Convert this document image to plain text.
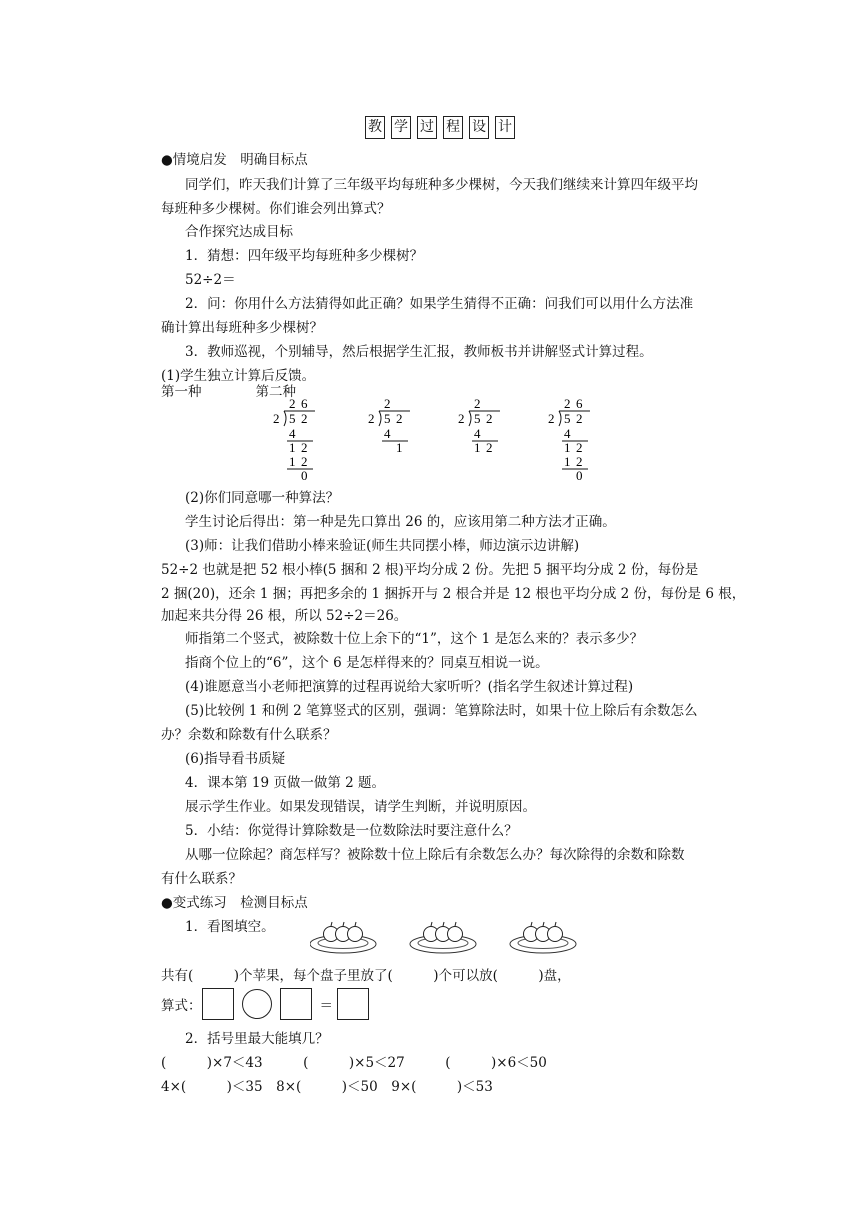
教 学 过 程 设 计
●情境启发　明确目标点
同学们，昨天我们计算了三年级平均每班种多少棵树，今天我们继续来计算四年级平均
每班种多少棵树。你们谁会列出算式？
合作探究达成目标
1．猜想：四年级平均每班种多少棵树？
52÷2＝
2．问：你用什么方法猜得如此正确？如果学生猜得不正确：问我们可以用什么方法准
确计算出每班种多少棵树？
3．教师巡视，个别辅导，然后根据学生汇报，教师板书并讲解竖式计算过程。
(1)学生独立计算后反馈。
第一种　　　　第二种
2 6
2 5 2
4
1 2
1 2
0
2
2 5 2
4
1
2
2 5 2
4
1 2
2 6
2 5 2
4
1 2
1 2
0
(2)你们同意哪一种算法？
学生讨论后得出：第一种是先口算出 26 的，应该用第二种方法才正确。
(3)师：让我们借助小棒来验证(师生共同摆小棒，师边演示边讲解)
52÷2 也就是把 52 根小棒(5 捆和 2 根)平均分成 2 份。先把 5 捆平均分成 2 份，每份是
2 捆(20)，还余 1 捆；再把多余的 1 捆拆开与 2 根合并是 12 根也平均分成 2 份，每份是 6 根，
加起来共分得 26 根，所以 52÷2＝26。
师指第二个竖式，被除数十位上余下的“1”，这个 1 是怎么来的？表示多少？
指商个位上的“6”，这个 6 是怎样得来的？同桌互相说一说。
(4)谁愿意当小老师把演算的过程再说给大家听听？(指名学生叙述计算过程)
(5)比较例 1 和例 2 笔算竖式的区别，强调：笔算除法时，如果十位上除后有余数怎么
办？余数和除数有什么联系？
(6)指导看书质疑
4．课本第 19 页做一做第 2 题。
展示学生作业。如果发现错误，请学生判断，并说明原因。
5．小结：你觉得计算除数是一位数除法时要注意什么？
从哪一位除起？商怎样写？被除数十位上除后有余数怎么办？每次除得的余数和除数
有什么联系？
●变式练习　检测目标点
1．看图填空。
共有(　　　)个苹果，每个盘子里放了(　　　)个可以放(　　　)盘，
算式：	＝
2．括号里最大能填几？
(　　　)×7＜43　　　(　　　)×5＜27　　　(　　　)×6＜50
4×(　　　)＜35　8×(　　　)＜50　9×(　　　)＜53
